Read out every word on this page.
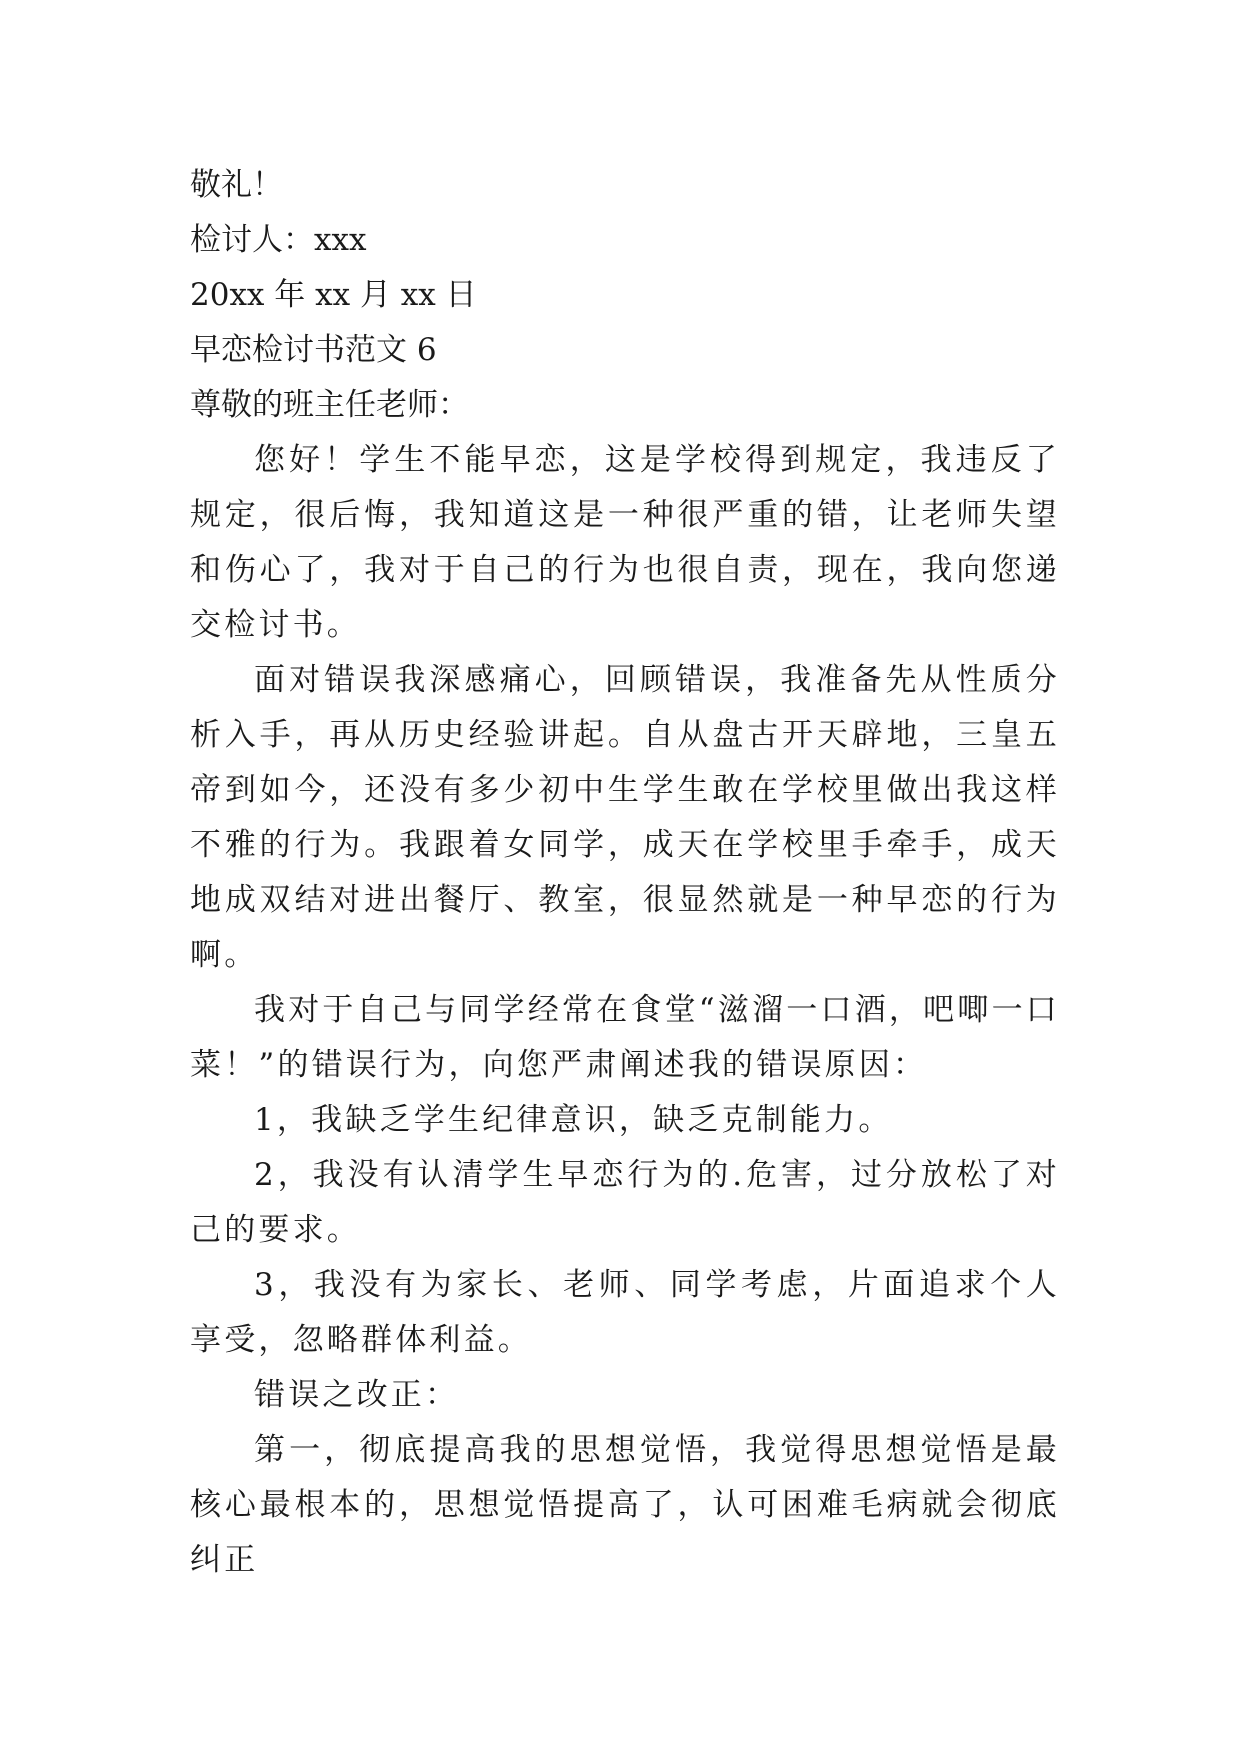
敬礼！

检讨人：xxx

20xx 年 xx 月 xx 日

早恋检讨书范文 6

尊敬的班主任老师：

您好！学生不能早恋，这是学校得到规定，我违反了规定，很后悔，我知道这是一种很严重的错，让老师失望和伤心了，我对于自己的行为也很自责，现在，我向您递交检讨书。

面对错误我深感痛心，回顾错误，我准备先从性质分析入手，再从历史经验讲起。自从盘古开天辟地，三皇五帝到如今，还没有多少初中生学生敢在学校里做出我这样不雅的行为。我跟着女同学，成天在学校里手牵手，成天地成双结对进出餐厅、教室，很显然就是一种早恋的行为啊。

我对于自己与同学经常在食堂“滋溜一口酒，吧唧一口菜！”的错误行为，向您严肃阐述我的错误原因：

1，我缺乏学生纪律意识，缺乏克制能力。

2，我没有认清学生早恋行为的.危害，过分放松了对己的要求。

3，我没有为家长、老师、同学考虑，片面追求个人享受，忽略群体利益。

错误之改正：

第一，彻底提高我的思想觉悟，我觉得思想觉悟是最核心最根本的，思想觉悟提高了，认可困难毛病就会彻底纠正
